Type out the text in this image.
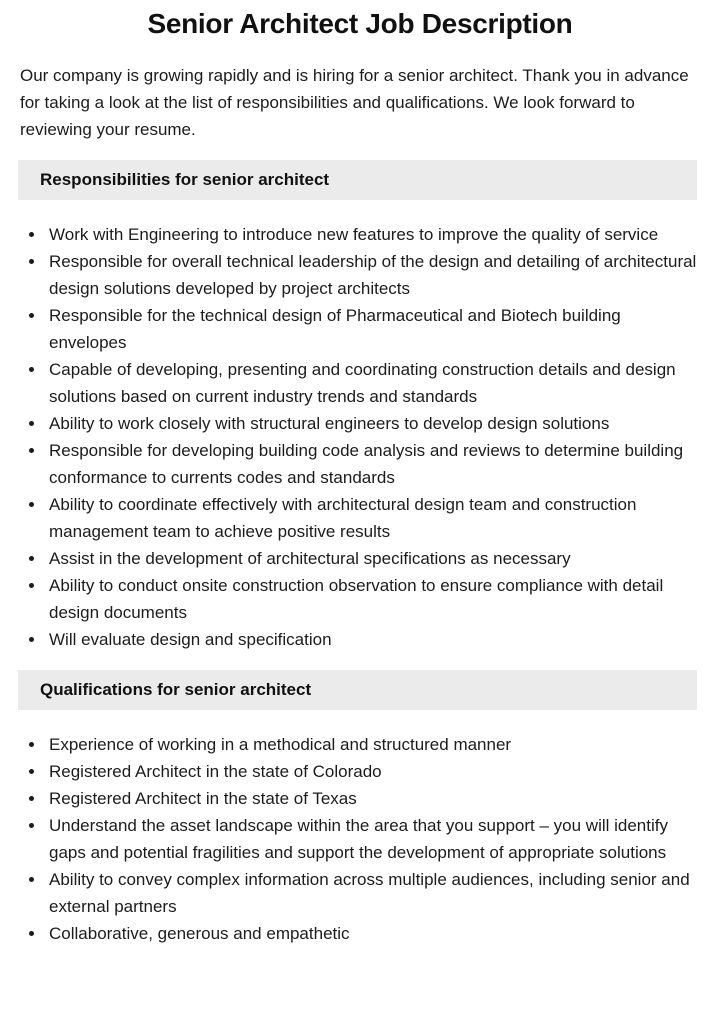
Senior Architect Job Description

Our company is growing rapidly and is hiring for a senior architect. Thank you in advance for taking a look at the list of responsibilities and qualifications. We look forward to reviewing your resume.

Responsibilities for senior architect
• Work with Engineering to introduce new features to improve the quality of service
• Responsible for overall technical leadership of the design and detailing of architectural design solutions developed by project architects
• Responsible for the technical design of Pharmaceutical and Biotech building envelopes
• Capable of developing, presenting and coordinating construction details and design solutions based on current industry trends and standards
• Ability to work closely with structural engineers to develop design solutions
• Responsible for developing building code analysis and reviews to determine building conformance to currents codes and standards
• Ability to coordinate effectively with architectural design team and construction management team to achieve positive results
• Assist in the development of architectural specifications as necessary
• Ability to conduct onsite construction observation to ensure compliance with detail design documents
• Will evaluate design and specification
Qualifications for senior architect
• Experience of working in a methodical and structured manner
• Registered Architect in the state of Colorado
• Registered Architect in the state of Texas
• Understand the asset landscape within the area that you support – you will identify gaps and potential fragilities and support the development of appropriate solutions
• Ability to convey complex information across multiple audiences, including senior and external partners
• Collaborative, generous and empathetic
